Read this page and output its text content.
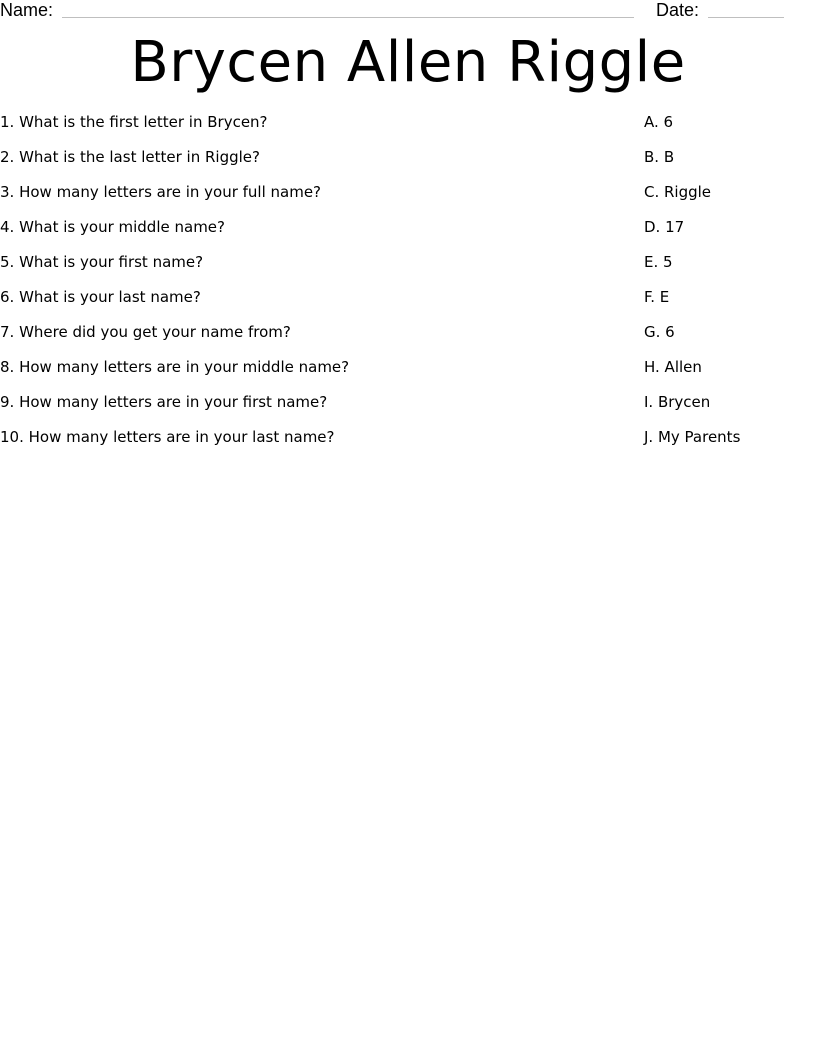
Name:	Date:
Brycen Allen Riggle
1. What is the first letter in Brycen?
2. What is the last letter in Riggle?
3. How many letters are in your full name?
4. What is your middle name?
5. What is your first name?
6. What is your last name?
7. Where did you get your name from?
8. How many letters are in your middle name?
9. How many letters are in your first name?
10. How many letters are in your last name?
A. 6
B. B
C. Riggle
D. 17
E. 5
F. E
G. 6
H. Allen
I. Brycen
J. My Parents
